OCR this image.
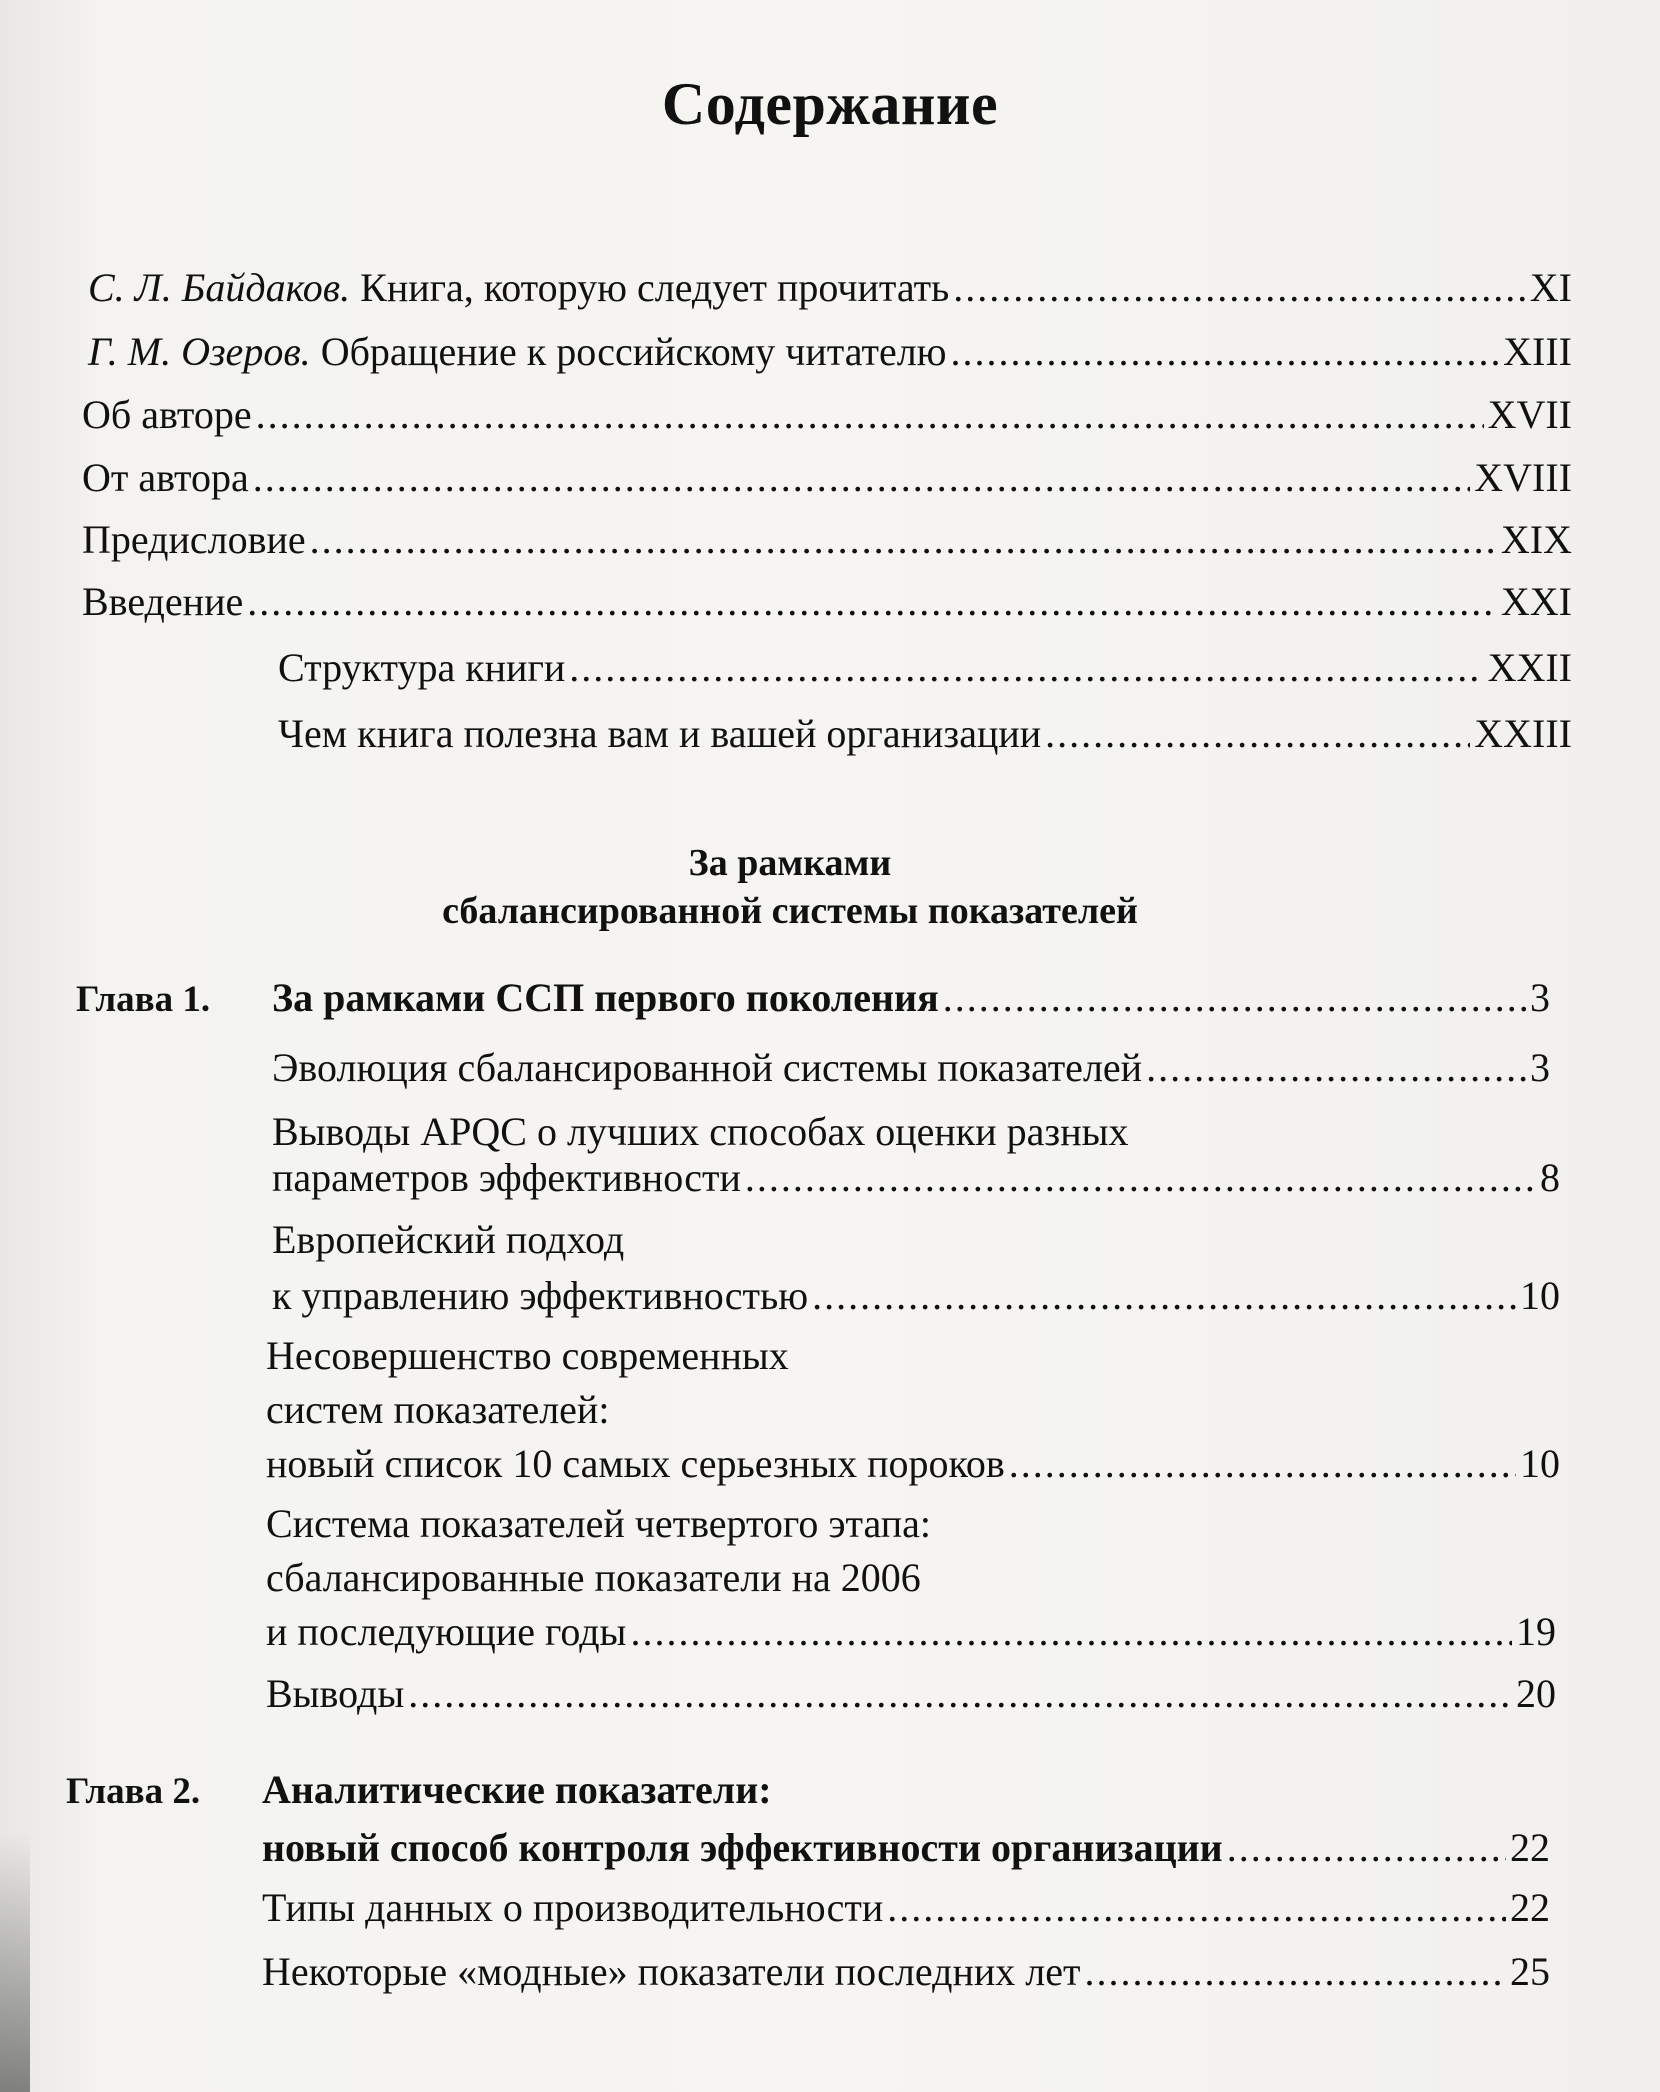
Содержание
С. Л. Байдаков. Книга, которую следует прочитать .....	XI
Г. М. Озеров. Обращение к российскому читателю .....	XIII
Об авторе .....	XVII
От автора .....	XVIII
Предисловие .....	XIX
Введение .....	XXI
Структура книги .....	XXII
Чем книга полезна вам и вашей организации .....	XXIII
За рамками
сбалансированной системы показателей
Глава 1. За рамками ССП первого поколения .....	3
Эволюция сбалансированной системы показателей .....	3
Выводы APQC о лучших способах оценки разных
параметров эффективности .....	8
Европейский подход
к управлению эффективностью .....	10
Несовершенство современных
систем показателей:
новый список 10 самых серьезных пороков .....	10
Система показателей четвертого этапа:
сбалансированные показатели на 2006
и последующие годы .....	19
Выводы .....	20
Глава 2. Аналитические показатели:
новый способ контроля эффективности организации .....	22
Типы данных о производительности .....	22
Некоторые «модные» показатели последних лет .....	25
